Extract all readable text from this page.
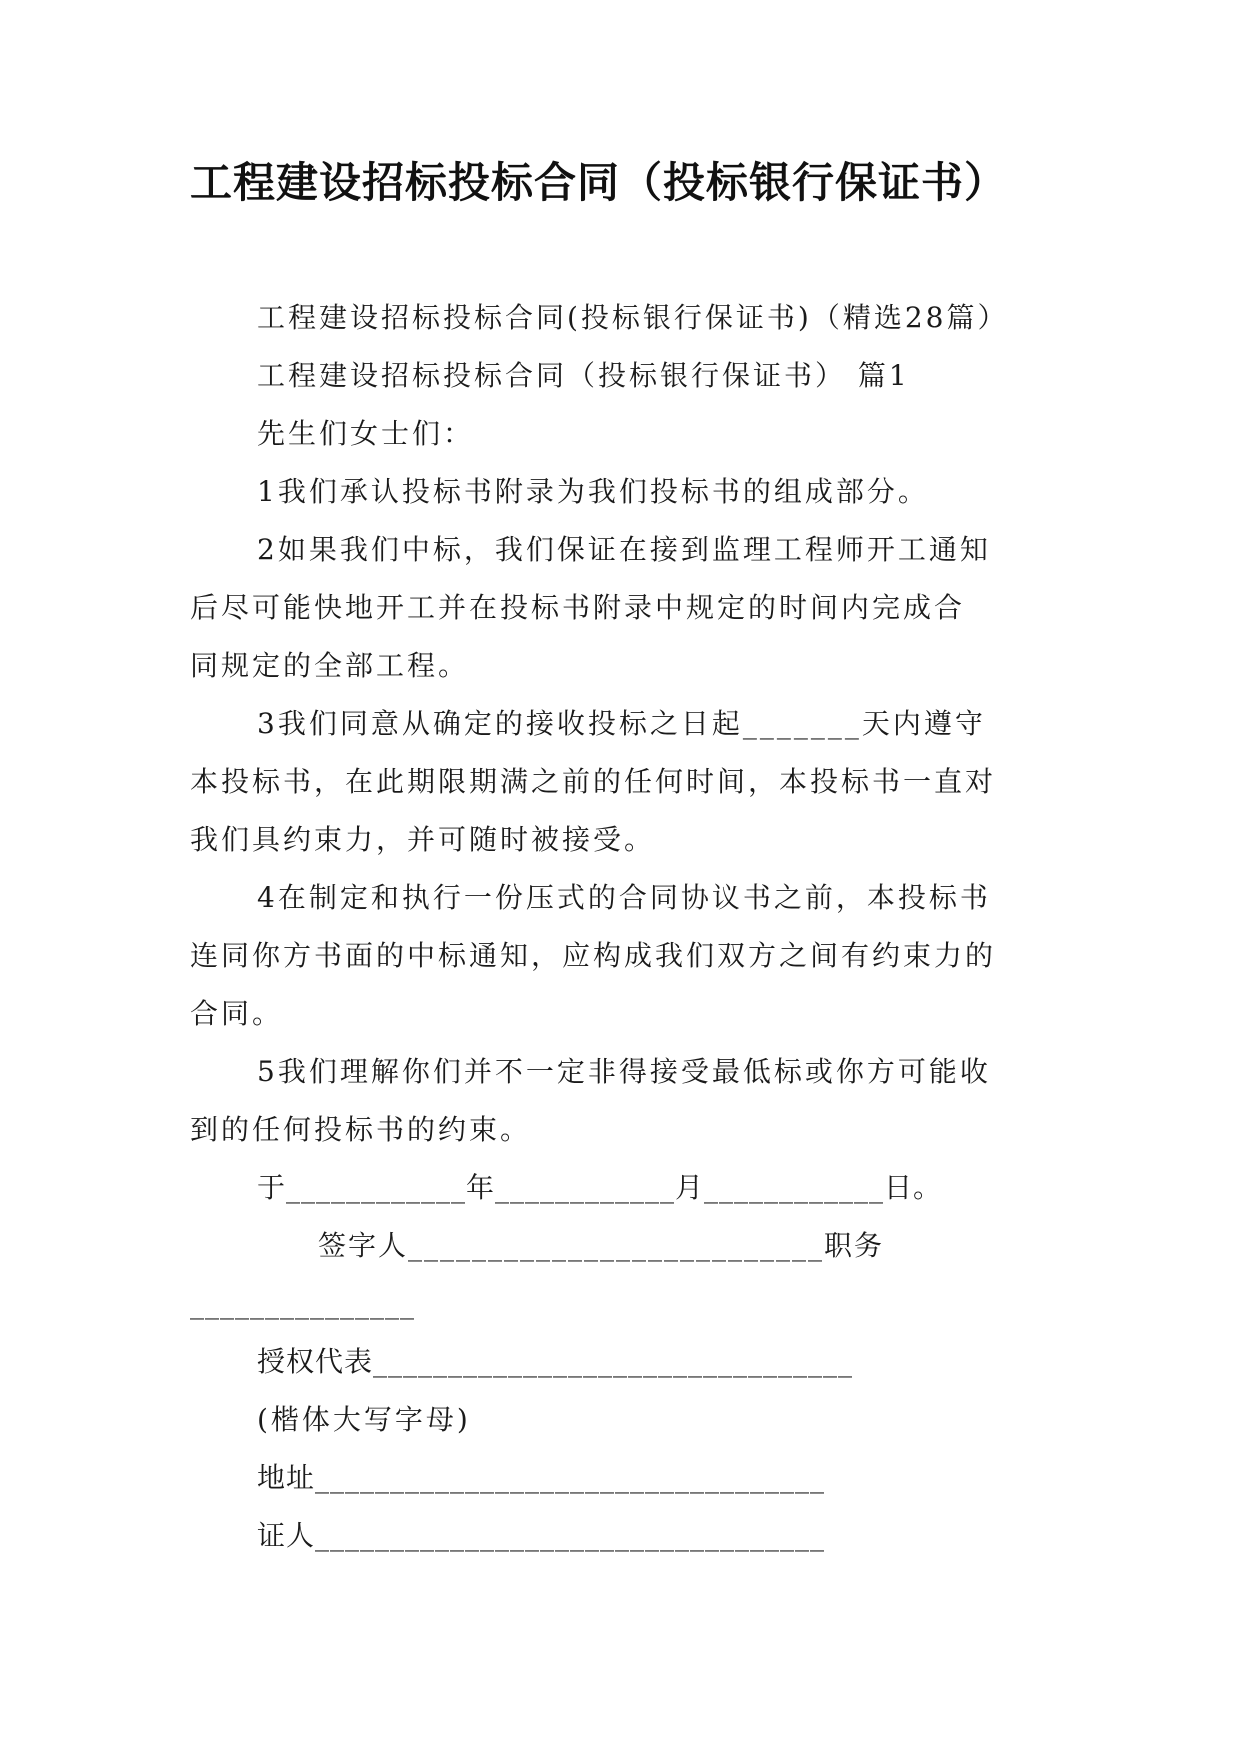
工程建设招标投标合同（投标银行保证书）
工程建设招标投标合同(投标银行保证书)（精选28篇）
工程建设招标投标合同（投标银行保证书） 篇1
先生们女士们：
1我们承认投标书附录为我们投标书的组成部分。
2如果我们中标，我们保证在接到监理工程师开工通知
后尽可能快地开工并在投标书附录中规定的时间内完成合
同规定的全部工程。
3我们同意从确定的接收投标之日起_______天内遵守
本投标书，在此期限期满之前的任何时间，本投标书一直对
我们具约束力，并可随时被接受。
4在制定和执行一份压式的合同协议书之前，本投标书
连同你方书面的中标通知，应构成我们双方之间有约束力的
合同。
5我们理解你们并不一定非得接受最低标或你方可能收
到的任何投标书的约束。
于____________年____________月____________日。
签字人__________________________职务
_______________
授权代表________________________________
(楷体大写字母)
地址__________________________________
证人__________________________________
